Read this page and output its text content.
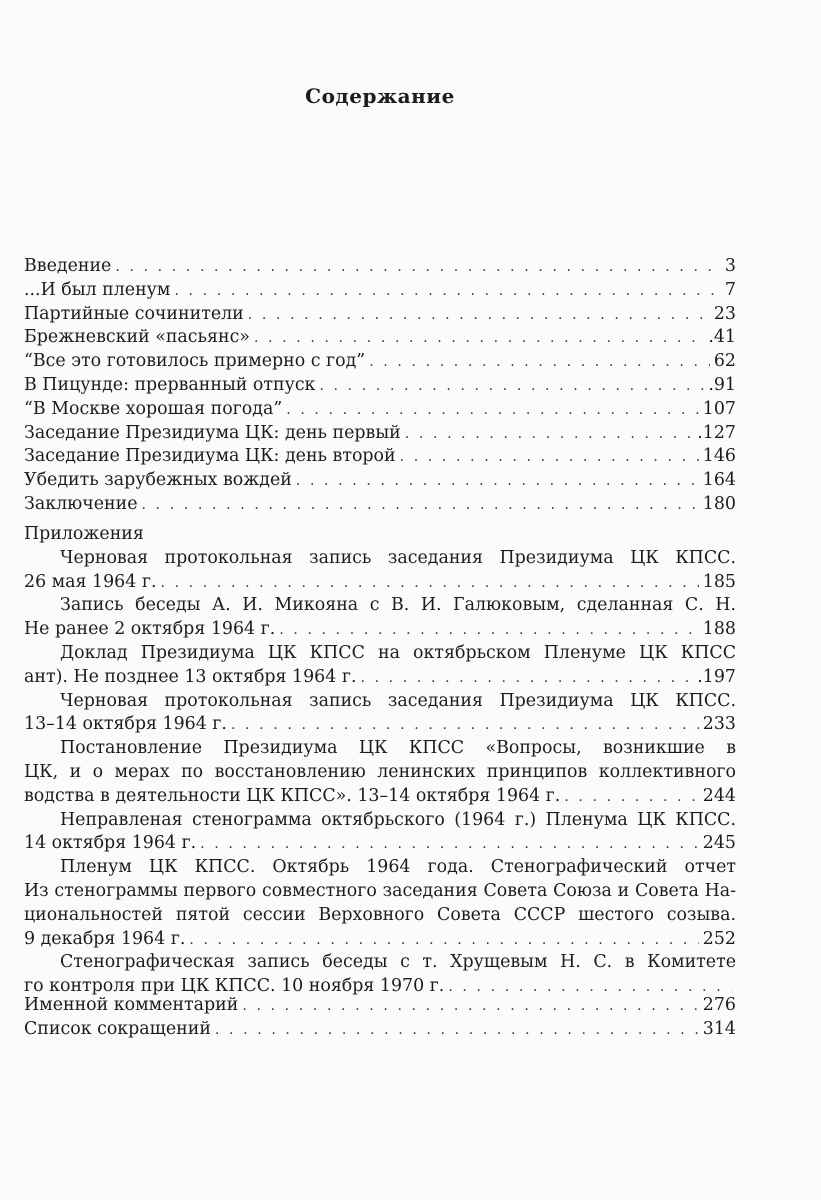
Содержание
Введение . . .	3
...И был пленум . . .	7
Партийные сочинители . . .	23
Брежневский «пасьянс» . . .	.41
“Все это готовилось примерно с год” . . .	62
В Пицунде: прерванный отпуск . . .	.91
“В Москве хорошая погода” . . .	107
Заседание Президиума ЦК: день первый . . .	.127
Заседание Президиума ЦК: день второй . . .	146
Убедить зарубежных вождей . . .	164
Заключение . . .	180
Приложения
Черновая протокольная запись заседания Президиума ЦК КПСС.
26 мая 1964 г. . . .	185
Запись беседы А. И. Микояна с В. И. Галюковым, сделанная С. Н.
Не ранее 2 октября 1964 г. . . .	188
Доклад Президиума ЦК КПСС на октябрьском Пленуме ЦК КПСС
ант). Не позднее 13 октября 1964 г. . . .	.197
Черновая протокольная запись заседания Президиума ЦК КПСС.
13–14 октября 1964 г. . . .	233
Постановление Президиума ЦК КПСС «Вопросы, возникшие в
ЦК, и о мерах по восстановлению ленинских принципов коллективного
водства в деятельности ЦК КПСС». 13–14 октября 1964 г. . . .	244
Неправленая стенограмма октябрьского (1964 г.) Пленума ЦК КПСС.
14 октября 1964 г. . . .	245
Пленум ЦК КПСС. Октябрь 1964 года. Стенографический отчет
Из стенограммы первого совместного заседания Совета Союза и Совета На-
циональностей пятой сессии Верховного Совета СССР шестого созыва.
9 декабря 1964 г. . . .	252
Стенографическая запись беседы с т. Хрущевым Н. С. в Комитете
го контроля при ЦК КПСС. 10 ноября 1970 г.
. . .
Именной комментарий . . .	276
Список сокращений . . .	314
